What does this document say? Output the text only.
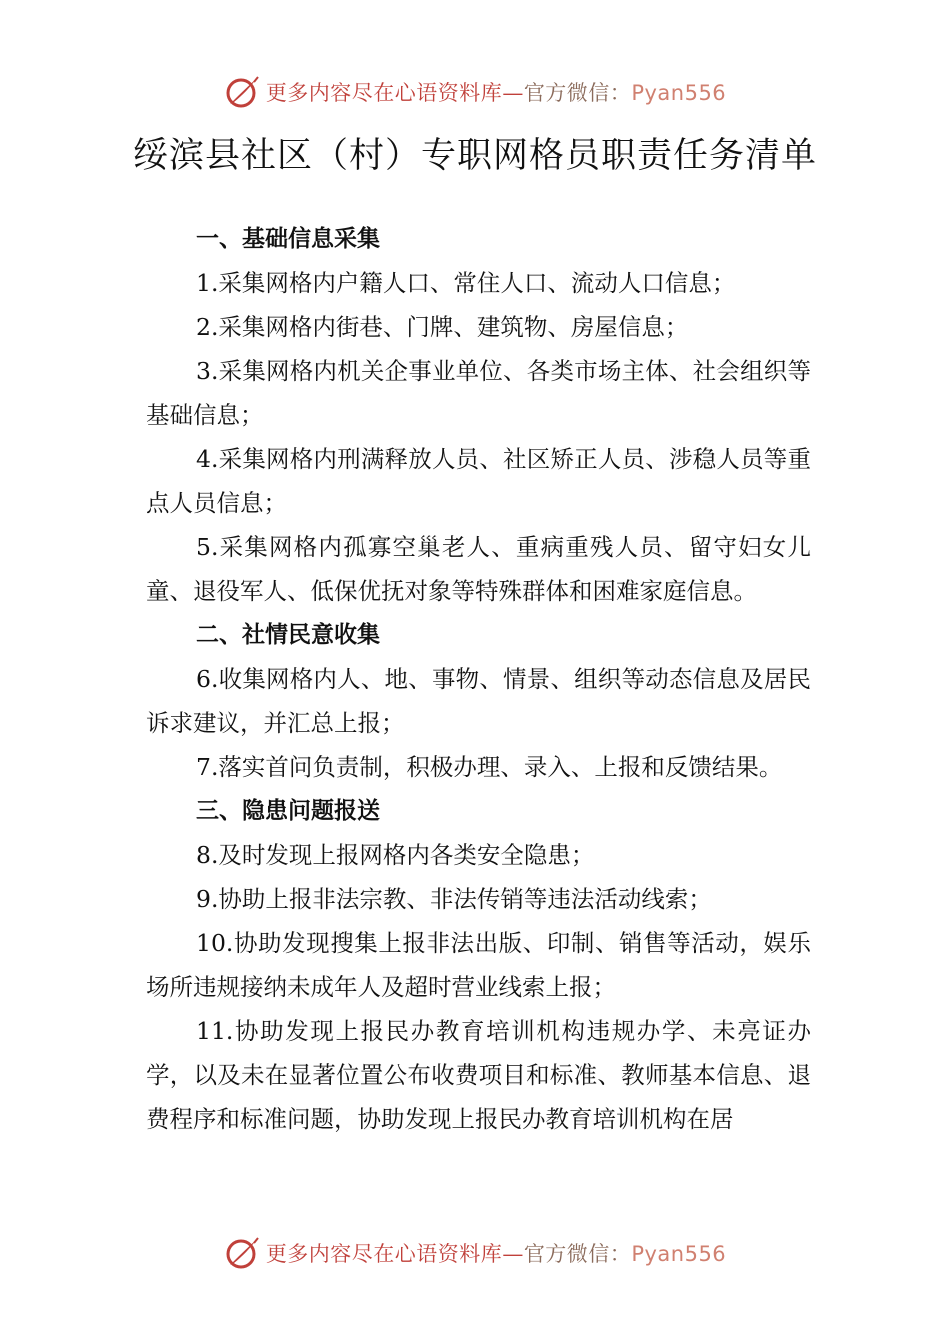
更多内容尽在心语资料库—官方微信：Pyan556
绥滨县社区（村）专职网格员职责任务清单
一、基础信息采集

1.采集网格内户籍人口、常住人口、流动人口信息；

2.采集网格内街巷、门牌、建筑物、房屋信息；

3.采集网格内机关企事业单位、各类市场主体、社会组织等基础信息；

4.采集网格内刑满释放人员、社区矫正人员、涉稳人员等重点人员信息；

5.采集网格内孤寡空巢老人、重病重残人员、留守妇女儿童、退役军人、低保优抚对象等特殊群体和困难家庭信息。

二、社情民意收集

6.收集网格内人、地、事物、情景、组织等动态信息及居民诉求建议，并汇总上报；

7.落实首问负责制，积极办理、录入、上报和反馈结果。

三、隐患问题报送

8.及时发现上报网格内各类安全隐患；

9.协助上报非法宗教、非法传销等违法活动线索；

10.协助发现搜集上报非法出版、印制、销售等活动，娱乐场所违规接纳未成年人及超时营业线索上报；

11.协助发现上报民办教育培训机构违规办学、未亮证办学，以及未在显著位置公布收费项目和标准、教师基本信息、退费程序和标准问题，协助发现上报民办教育培训机构在居

更多内容尽在心语资料库—官方微信：Pyan556
